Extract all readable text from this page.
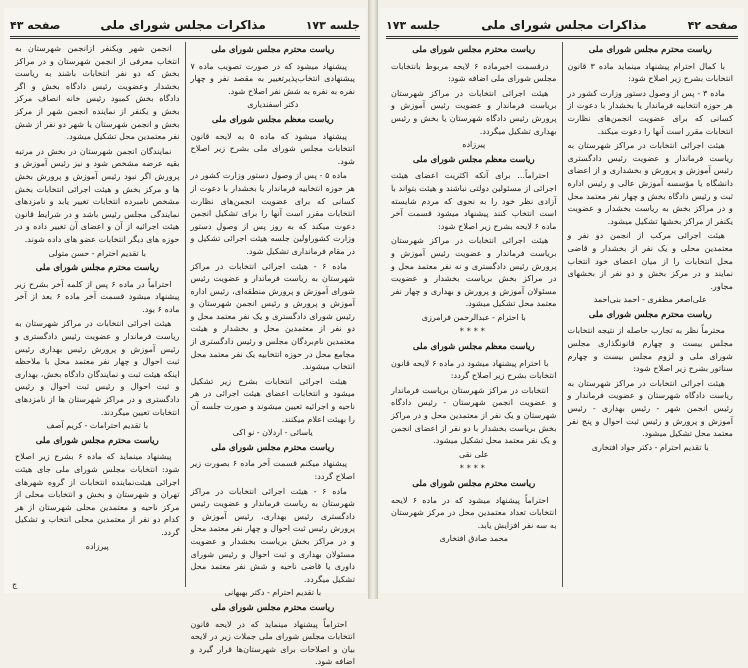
جلسه ۱۷۳
مذاکرات مجلس شورای ملی
صفحه ۴۳
ریاست محترم مجلس شورای ملی
پیشنهاد میشود که در صورت تصویب ماده ۷ پیشنهادی انتخاب‌پذیرتغییر به مقصد نفر و چهار نفره به نفره به شش نفر اصلاح شود.
دکتر اسفندیاری
ریاست معظم مجلس شورای ملی
پیشنهاد میشود که ماده ۵ به لایحه قانون انتخابات مجلس شورای ملی بشرح زیر اصلاح شود.
ماده ۵ - پس از وصول دستور وزارت کشور در هر حوزه انتخابیه فرماندار یا بخشدار با دعوت از کسانی که برای عضویت انجمن‌های نظارت انتخابات مقرر است آنها را برای تشکیل انجمن دعوت میکند که به روز پس از وصول دستور وزارت کشوراولین جلسه هیئت اجرائی تشکیل و در مقام فرمانداری تشکیل شود.
ماده ۶ - هیئت اجرائی انتخابات در مراکز شهرستان به ریاست فرماندار و عضویت رئیس شورای آموزش و پرورش منطقه‌ای، رئیس اداره آموزش و پرورش و رئیس انجمن شهرستان و رئیس شورای دادگستری و یک نفر معتمد محل و دو نفر از معتمدین محل و بخشدار و هیئت معتمدین نام‌بردگان مجلس و رئیس دادگستری از مجامع محل در حوزه انتخابیه یک نفر معتمد محل انتخاب میشوند.
هیئت اجرائی انتخابات بشرح زیر تشکیل میشود و انتخابات اعضای هیئت اجرائی در هر ناحیه و اجرائیه تعیین میشوند و صورت جلسه آن را بهیئت اعلام میکنند.
یاسائی - اردلان - نو اکی
ریاست محترم مجلس شورای ملی
پیشنهاد میکنم قسمت آخر ماده ۶ بصورت زیر اصلاح گردد:
ماده ۶ - هیئت اجرائی انتخابات در مراکز شهرستان به ریاست فرماندار و عضویت رئیس دادگستری رئیس بهداری، رئیس آموزش و پرورش رئیس ثبت احوال و چهار نفر معتمد محل و در مراکز بخش بریاست بخشدار و عضویت مسئولان بهداری و ثبت احوال و رئیس شورای داوری یا قاضی ناحیه و شش نفر معتمد محل تشکیل میگردد.
با تقدیم احترام - دکتر بهبهانی
ریاست محترم مجلس شورای ملی
احتراماً پیشنهاد مینماید که در لایحه قانون انتخابات مجلس شورای ملی جملات زیر در لایحه بیان و اصلاحات برای شهرستان‌ها قرار گیرد و اضافه شود.
انجمن شهر ویکنفر ازانجمن شهرستان به انتخاب معرفی از انجمن شهرستان و در مراکز بخش که دو نفر انتخابات باشند به ریاست بخشدار وعضویت رئیس دادگاه بخش و اگر دادگاه بخش کمبود رئیس خانه انصاف مرکز بخش و یکنفر از نماینده انجمن شهر از مرکز بخش و انجمن شهرستان یا شهر دو نفر از شش نفر معتمدین محل تشکیل میشود.
نمایندگان انجمن شهرستان در بخش در مرتبه بقیه عرضه مشخص شود و نیز رئیس آموزش و پرورش اگر نبود رئیس آموزش و پرورش بخش ها و مرکز بخش و هیئت اجرائی انتخابات بخش مشخص نامبرده انتخابات تغییر یابد و نامزدهای نمایندگی مجلس رئیس باشد و در شرایط قانون هیئت اجرائیه از آن و اعضای آن تغییر داده و در حوزه های دیگر انتخابات عضو های داده شوند.
با تقدیم احترام - حسن متولی
ریاست محترم مجلس شورای ملی
احتراماً در ماده ۶ پس از کلمه آخر بشرح زیر پیشنهاد میشود قسمت آخر ماده ۶ بعد از آخر ماده ۶ بود.
هیئت اجرائی انتخابات در مراکز شهرستان به ریاست فرماندار و عضویت رئیس دادگستری و رئیس آموزش و پرورش رئیس بهداری رئیس ثبت احوال و چهار نفر معتمد محل با ملاحظه اینکه هیئت ثبت و نمایندگان دادگاه بخش، بهداری و ثبت احوال و رئیس ثبت احوال و رئیس دادگستری و در مراکز شهرستان ها از نامزدهای انتخابات تعیین میگردند.
با تقدیم احترامات - کریم آصف
ریاست محترم مجلس شورای ملی
پیشنهاد مینماید که ماده ۶ بشرح زیر اصلاح شود: انتخابات مجلس شورای ملی جای هیئت اجرائی هیئت‌نماینده انتخابات از گروه شهرهای تهران و شهرستان و بخش و انتخابات محلی از مرکز ناحیه و معتمدین محلی شهرستان از هر کدام دو نفر از معتمدین محلی انتخاب و تشکیل گردد.
پیرزاده
ج
صفحه ۴۲
مذاکرات مجلس شورای ملی
جلسه ۱۷۳
ریاست محترم مجلس شورای ملی
با کمال احترام پیشنهاد مینماید ماده ۳ قانون انتخابات بشرح زیر اصلاح شود:
ماده ۳ - پس از وصول دستور وزارت کشور در هر حوزه انتخابیه فرماندار یا بخشدار با دعوت از کسانی که برای عضویت انجمن‌های نظارت انتخابات مقرر است آنها را دعوت میکند.
هیئت اجرائی انتخابات در مراکز شهرستان به ریاست فرماندار و عضویت رئیس دادگستری رئیس آموزش و پرورش و بخشداری و از اعضای دانشگاه یا مؤسسه آموزش عالی و رئیس اداره ثبت و رئیس دادگاه بخش و چهار نفر معتمد محل و در مراکز بخش به ریاست بخشدار و عضویت یکنفر از مراکز بخشها تشکیل میشود.
هیئت اجرائی مرکب از انجمن دو نفر و معتمدین محلی و یک نفر از بخشدار و قاضی محل انتخابات را از میان اعضای خود انتخاب نمایند و در مرکز بخش و دو نفر از بخشهای مجاور.
علی‌اصغر مظفری - احمد بنی‌احمد
ریاست محترم مجلس شورای ملی
محترماً نظر به تجارب حاصله از نتیجه انتخابات مجلس بیست و چهارم قانونگذاری مجلس شورای ملی و لزوم مجلس بیست و چهارم سناتور بشرح زیر اصلاح شود:
هیئت اجرائی انتخابات در مراکز شهرستان به ریاست دادگاه شهرستان و عضویت فرماندار و رئیس انجمن شهر - رئیس بهداری - رئیس آموزش و پرورش و رئیس ثبت احوال و پنج نفر معتمد محل تشکیل میشود.
با تقدیم احترام - دکتر جواد افتخاری
ریاست محترم مجلس شورای ملی
درقسمت اخیرماده ۶ لایحه مربوط بانتخابات مجلس شورای ملی اضافه شود:
هیئت اجرائی انتخابات در مراکز شهرستان بریاست فرماندار و عضویت رئیس آموزش و پرورش رئیس دادگاه شهرستان یا بخش و رئیس بهداری تشکیل میگردد.
پیرزاده
ریاست معظم مجلس شورای ملی
احتراماً... برای آنکه اکثریت اعضای هیئت اجرائی از مسئولین دولتی نباشند و هیئت بتواند با آزادی نظر خود را به نحوی که مردم شایسته است انتخاب کنند پیشنهاد میشود قسمت آخر ماده ۶ لایحه بشرح زیر اصلاح شود:
هیئت اجرائی انتخابات در مراکز شهرستان بریاست فرماندار و عضویت رئیس آموزش و پرورش رئیس دادگستری و نه نفر معتمد محل و در مراکز بخش بریاست بخشدار و عضویت مسئولان آموزش و پرورش و بهداری و چهار نفر معتمد محل تشکیل میشود.
با احترام - عبدالرحمن فرامرزی
****
ریاست معظم مجلس شورای ملی
با احترام پیشنهاد میشود در ماده ۶ لایحه قانون انتخابات بشرح زیر اصلاح گردد:
انتخابات در مراکز شهرستان بریاست فرماندار و عضویت انجمن شهرستان - رئیس دادگاه شهرستان و یک نفر از معتمدین محل و در مراکز بخش بریاست بخشدار با دو نفر از اعضای انجمن و یک نفر معتمد محل تشکیل میشود.
علی نقی
****
ریاست محترم مجلس شورای ملی
احتراماً پیشنهاد میشود که در ماده ۶ لایحه انتخابات تعداد معتمدین محل در مرکز شهرستان به سه نفر افزایش یابد.
محمد صادق افتخاری
